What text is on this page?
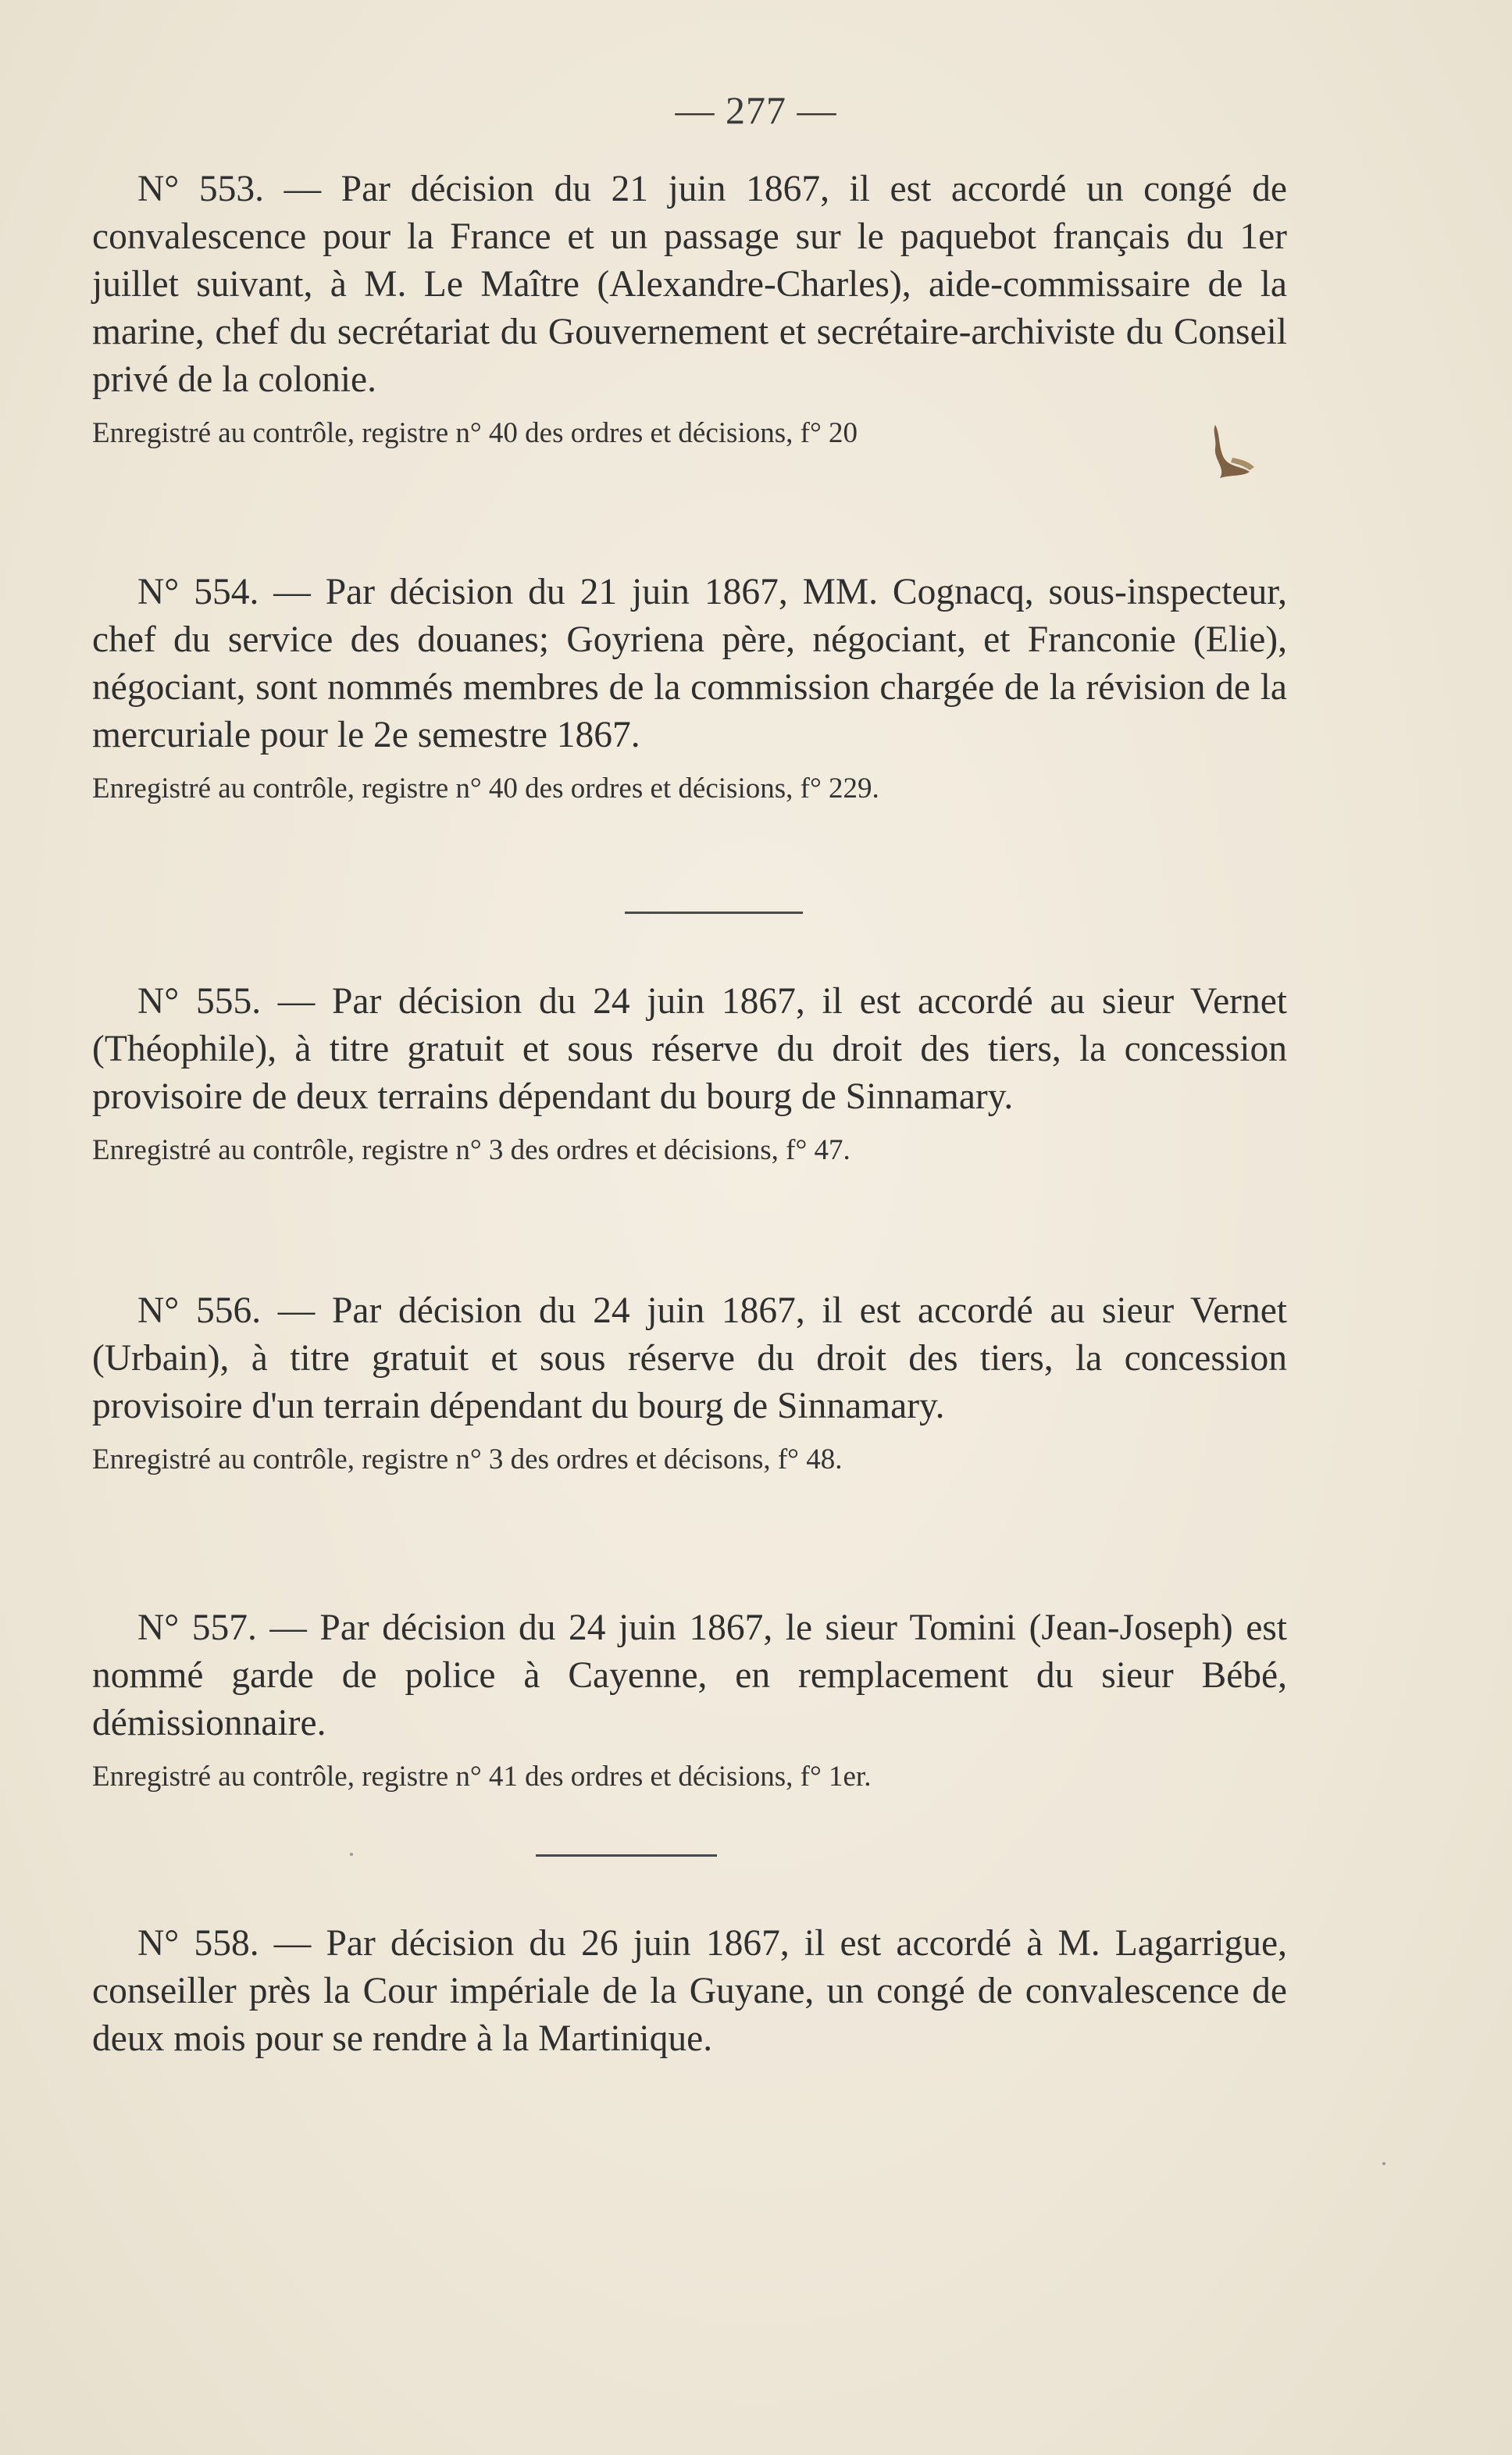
— 277 —

N° 553. — Par décision du 21 juin 1867, il est accordé un congé de convalescence pour la France et un passage sur le paquebot français du 1er juillet suivant, à M. Le Maître (Alexandre-Charles), aide-commissaire de la marine, chef du secrétariat du Gouvernement et secrétaire-archiviste du Conseil privé de la colonie.

Enregistré au contrôle, registre n° 40 des ordres et décisions, f° 20

N° 554. — Par décision du 21 juin 1867, MM. Cognacq, sous-inspecteur, chef du service des douanes; Goyriena père, négociant, et Franconie (Elie), négociant, sont nommés membres de la commission chargée de la révision de la mercuriale pour le 2e semestre 1867.

Enregistré au contrôle, registre n° 40 des ordres et décisions, f° 229.

N° 555. — Par décision du 24 juin 1867, il est accordé au sieur Vernet (Théophile), à titre gratuit et sous réserve du droit des tiers, la concession provisoire de deux terrains dépendant du bourg de Sinnamary.

Enregistré au contrôle, registre n° 3 des ordres et décisions, f° 47.

N° 556. — Par décision du 24 juin 1867, il est accordé au sieur Vernet (Urbain), à titre gratuit et sous réserve du droit des tiers, la concession provisoire d'un terrain dépendant du bourg de Sinnamary.

Enregistré au contrôle, registre n° 3 des ordres et décisons, f° 48.

N° 557. — Par décision du 24 juin 1867, le sieur Tomini (Jean-Joseph) est nommé garde de police à Cayenne, en remplacement du sieur Bébé, démissionnaire.

Enregistré au contrôle, registre n° 41 des ordres et décisions, f° 1er.

N° 558. — Par décision du 26 juin 1867, il est accordé à M. Lagarrigue, conseiller près la Cour impériale de la Guyane, un congé de convalescence de deux mois pour se rendre à la Martinique.
